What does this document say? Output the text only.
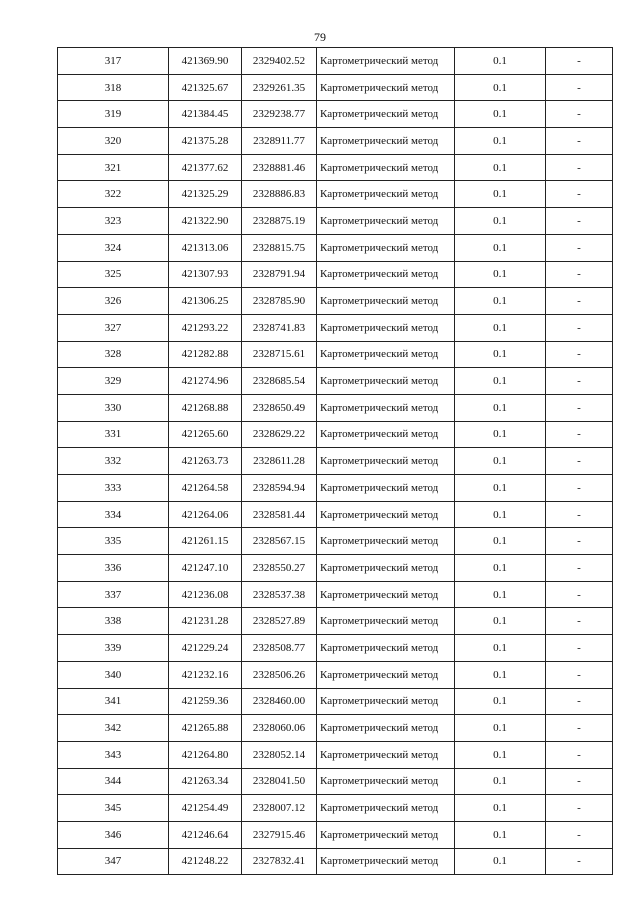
79
317	421369.90	2329402.52	Картометрический метод	0.1	-
318	421325.67	2329261.35	Картометрический метод	0.1	-
319	421384.45	2329238.77	Картометрический метод	0.1	-
320	421375.28	2328911.77	Картометрический метод	0.1	-
321	421377.62	2328881.46	Картометрический метод	0.1	-
322	421325.29	2328886.83	Картометрический метод	0.1	-
323	421322.90	2328875.19	Картометрический метод	0.1	-
324	421313.06	2328815.75	Картометрический метод	0.1	-
325	421307.93	2328791.94	Картометрический метод	0.1	-
326	421306.25	2328785.90	Картометрический метод	0.1	-
327	421293.22	2328741.83	Картометрический метод	0.1	-
328	421282.88	2328715.61	Картометрический метод	0.1	-
329	421274.96	2328685.54	Картометрический метод	0.1	-
330	421268.88	2328650.49	Картометрический метод	0.1	-
331	421265.60	2328629.22	Картометрический метод	0.1	-
332	421263.73	2328611.28	Картометрический метод	0.1	-
333	421264.58	2328594.94	Картометрический метод	0.1	-
334	421264.06	2328581.44	Картометрический метод	0.1	-
335	421261.15	2328567.15	Картометрический метод	0.1	-
336	421247.10	2328550.27	Картометрический метод	0.1	-
337	421236.08	2328537.38	Картометрический метод	0.1	-
338	421231.28	2328527.89	Картометрический метод	0.1	-
339	421229.24	2328508.77	Картометрический метод	0.1	-
340	421232.16	2328506.26	Картометрический метод	0.1	-
341	421259.36	2328460.00	Картометрический метод	0.1	-
342	421265.88	2328060.06	Картометрический метод	0.1	-
343	421264.80	2328052.14	Картометрический метод	0.1	-
344	421263.34	2328041.50	Картометрический метод	0.1	-
345	421254.49	2328007.12	Картометрический метод	0.1	-
346	421246.64	2327915.46	Картометрический метод	0.1	-
347	421248.22	2327832.41	Картометрический метод	0.1	-
